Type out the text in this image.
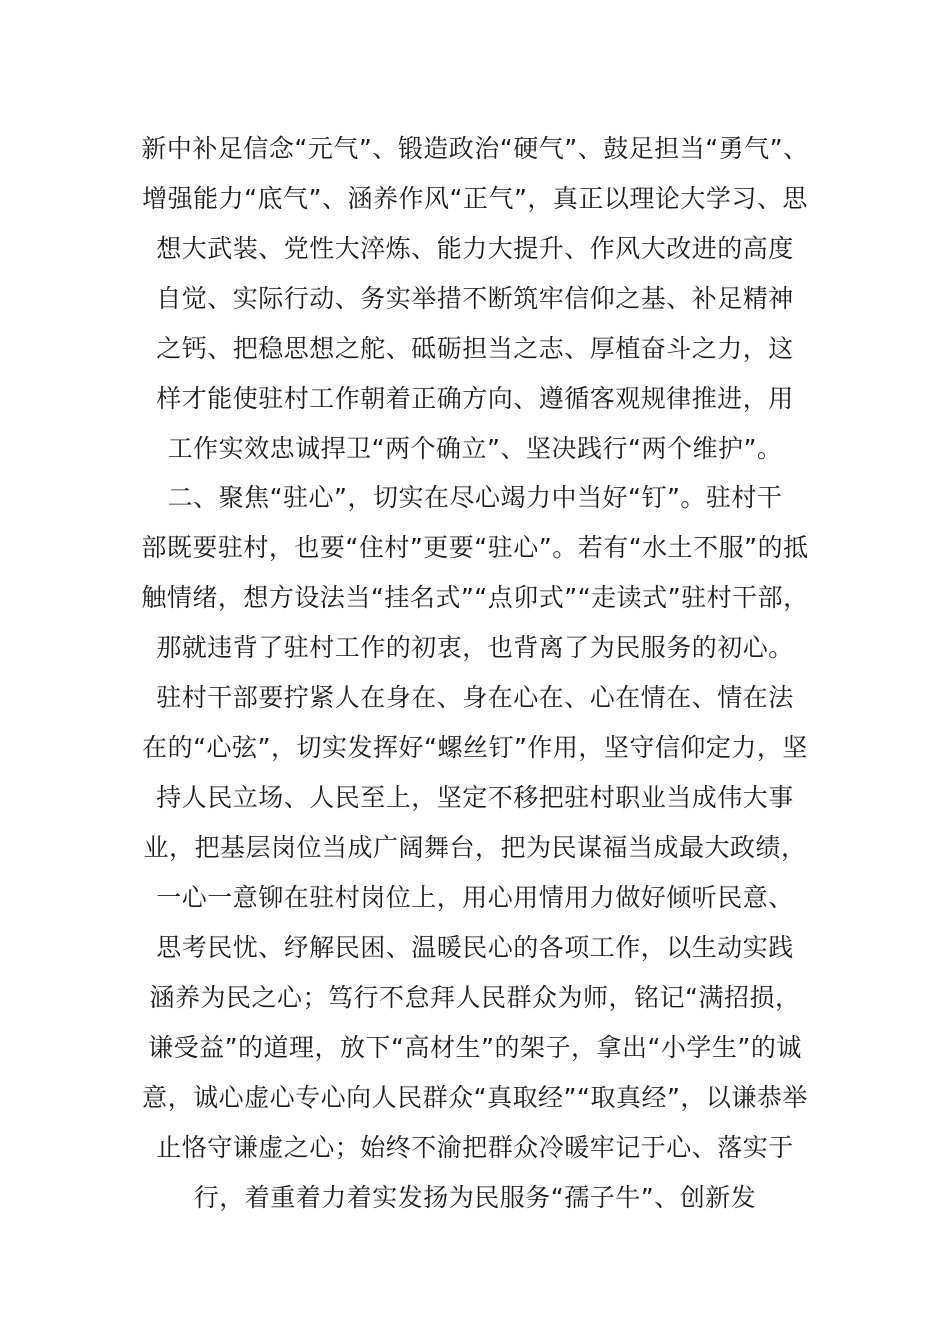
新中补足信念“元气”、锻造政治“硬气”、鼓足担当“勇气”、
增强能力“底气”、涵养作风“正气”，真正以理论大学习、思
想大武装、党性大淬炼、能力大提升、作风大改进的高度
自觉、实际行动、务实举措不断筑牢信仰之基、补足精神
之钙、把稳思想之舵、砥砺担当之志、厚植奋斗之力，这
样才能使驻村工作朝着正确方向、遵循客观规律推进，用
工作实效忠诚捍卫“两个确立”、坚决践行“两个维护”。
二、聚焦“驻心”，切实在尽心竭力中当好“钉”。驻村干
部既要驻村，也要“住村”更要“驻心”。若有“水土不服”的抵
触情绪，想方设法当“挂名式”“点卯式”“走读式”驻村干部，
那就违背了驻村工作的初衷，也背离了为民服务的初心。
驻村干部要拧紧人在身在、身在心在、心在情在、情在法
在的“心弦”，切实发挥好“螺丝钉”作用，坚守信仰定力，坚
持人民立场、人民至上，坚定不移把驻村职业当成伟大事
业，把基层岗位当成广阔舞台，把为民谋福当成最大政绩，
一心一意铆在驻村岗位上，用心用情用力做好倾听民意、
思考民忧、纾解民困、温暖民心的各项工作，以生动实践
涵养为民之心；笃行不怠拜人民群众为师，铭记“满招损，
谦受益”的道理，放下“高材生”的架子，拿出“小学生”的诚
意，诚心虚心专心向人民群众“真取经”“取真经”，以谦恭举
止恪守谦虚之心；始终不渝把群众冷暖牢记于心、落实于
行，着重着力着实发扬为民服务“孺子牛”、创新发
